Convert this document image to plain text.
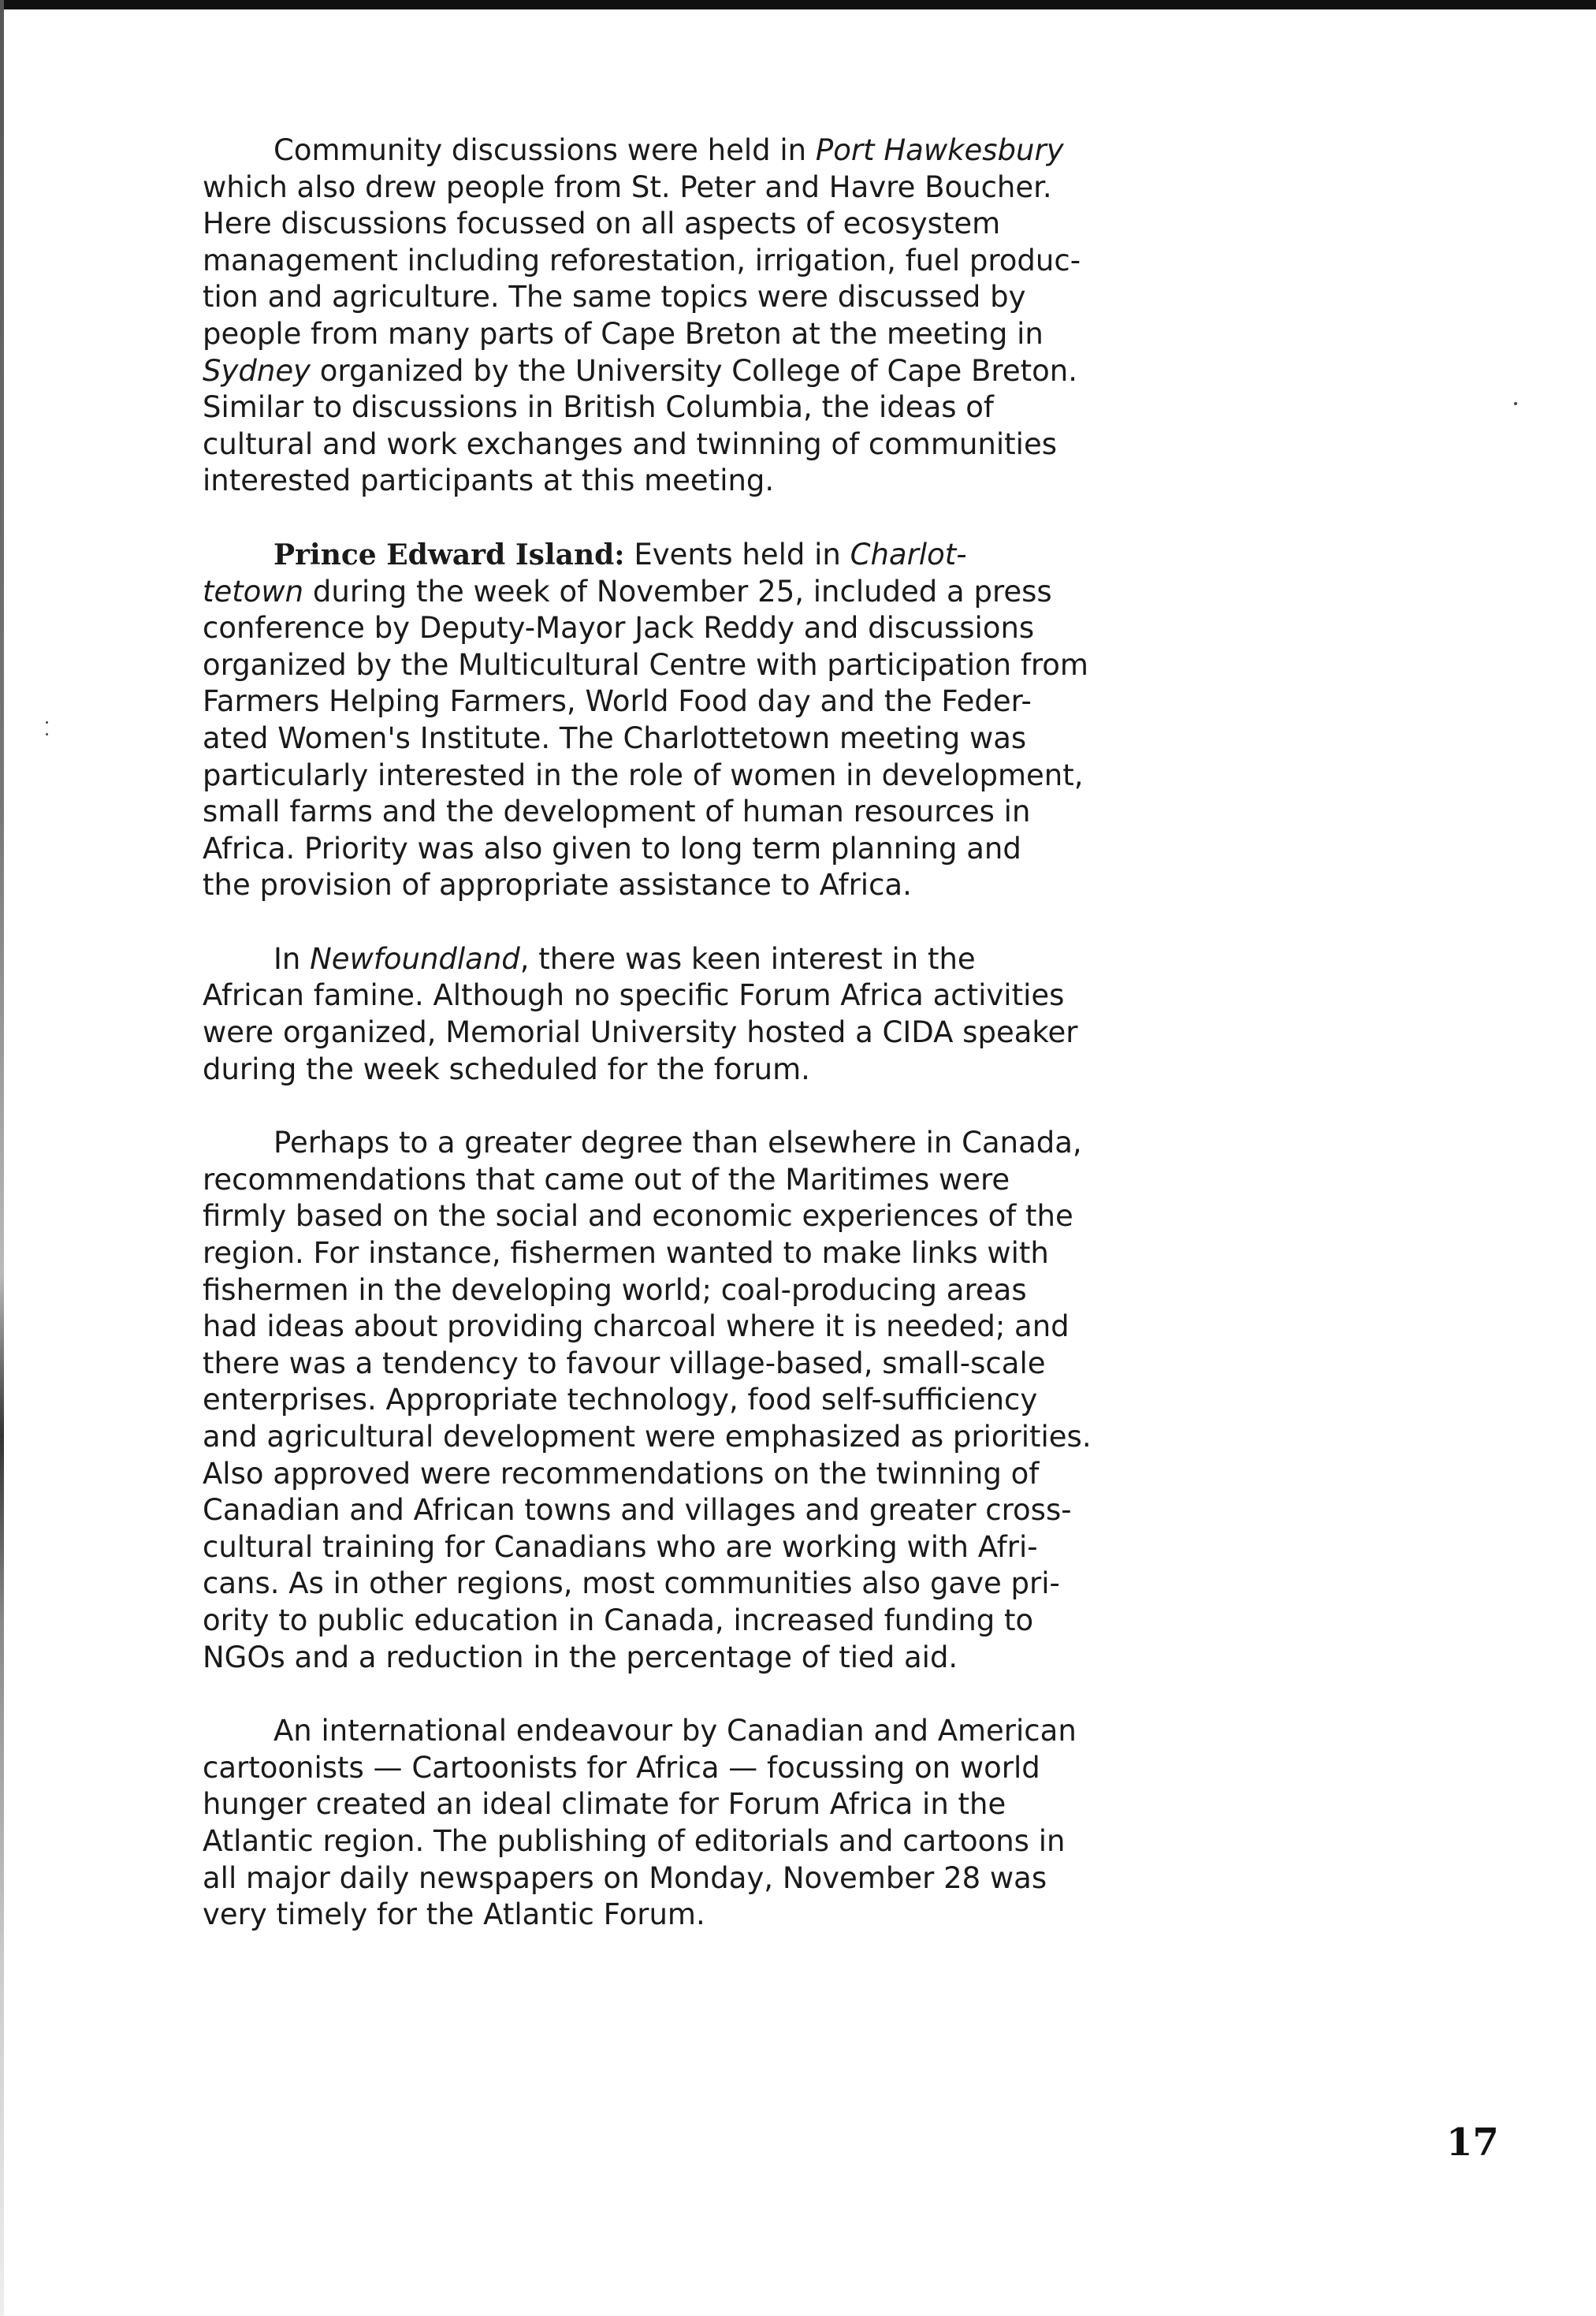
Community discussions were held in Port Hawkesbury
which also drew people from St. Peter and Havre Boucher.
Here discussions focussed on all aspects of ecosystem
management including reforestation, irrigation, fuel produc-
tion and agriculture. The same topics were discussed by
people from many parts of Cape Breton at the meeting in
Sydney organized by the University College of Cape Breton.
Similar to discussions in British Columbia, the ideas of
cultural and work exchanges and twinning of communities
interested participants at this meeting.

Prince Edward Island: Events held in Charlot-
tetown during the week of November 25, included a press
conference by Deputy-Mayor Jack Reddy and discussions
organized by the Multicultural Centre with participation from
Farmers Helping Farmers, World Food day and the Feder-
ated Women's Institute. The Charlottetown meeting was
particularly interested in the role of women in development,
small farms and the development of human resources in
Africa. Priority was also given to long term planning and
the provision of appropriate assistance to Africa.

In Newfoundland, there was keen interest in the
African famine. Although no specific Forum Africa activities
were organized, Memorial University hosted a CIDA speaker
during the week scheduled for the forum.

Perhaps to a greater degree than elsewhere in Canada,
recommendations that came out of the Maritimes were
firmly based on the social and economic experiences of the
region. For instance, fishermen wanted to make links with
fishermen in the developing world; coal-producing areas
had ideas about providing charcoal where it is needed; and
there was a tendency to favour village-based, small-scale
enterprises. Appropriate technology, food self-sufficiency
and agricultural development were emphasized as priorities.
Also approved were recommendations on the twinning of
Canadian and African towns and villages and greater cross-
cultural training for Canadians who are working with Afri-
cans. As in other regions, most communities also gave pri-
ority to public education in Canada, increased funding to
NGOs and a reduction in the percentage of tied aid.

An international endeavour by Canadian and American
cartoonists — Cartoonists for Africa — focussing on world
hunger created an ideal climate for Forum Africa in the
Atlantic region. The publishing of editorials and cartoons in
all major daily newspapers on Monday, November 28 was
very timely for the Atlantic Forum.

17
